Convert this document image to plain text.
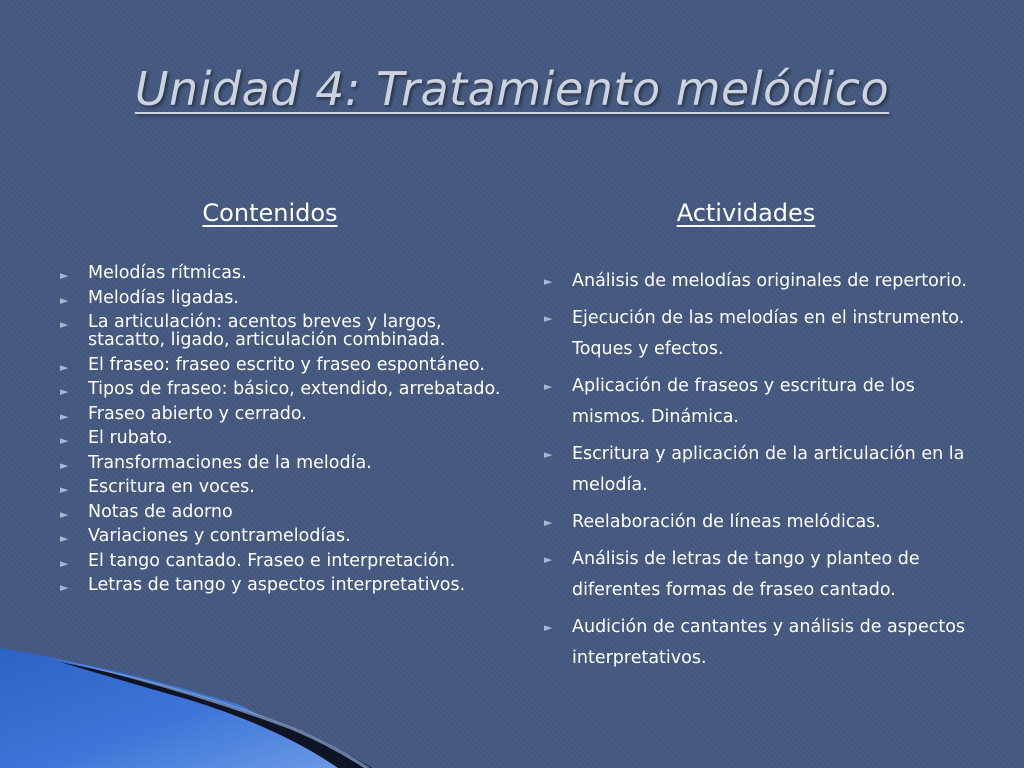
Unidad 4: Tratamiento melódico
Contenidos	Actividades
► Melodías rítmicas.
► Melodías ligadas.
► La articulación: acentos breves y largos, stacatto, ligado, articulación combinada.
► El fraseo: fraseo escrito y fraseo espontáneo.
► Tipos de fraseo: básico, extendido, arrebatado.
► Fraseo abierto y cerrado.
► El rubato.
► Transformaciones de la melodía.
► Escritura en voces.
► Notas de adorno
► Variaciones y contramelodías.
► El tango cantado. Fraseo e interpretación.
► Letras de tango y aspectos interpretativos.
► Análisis de melodías originales de repertorio.
► Ejecución de las melodías en el instrumento. Toques y efectos.
► Aplicación de fraseos y escritura de los mismos. Dinámica.
► Escritura y aplicación de la articulación en la melodía.
► Reelaboración de líneas melódicas.
► Análisis de letras de tango y planteo de diferentes formas de fraseo cantado.
► Audición de cantantes y análisis de aspectos interpretativos.
